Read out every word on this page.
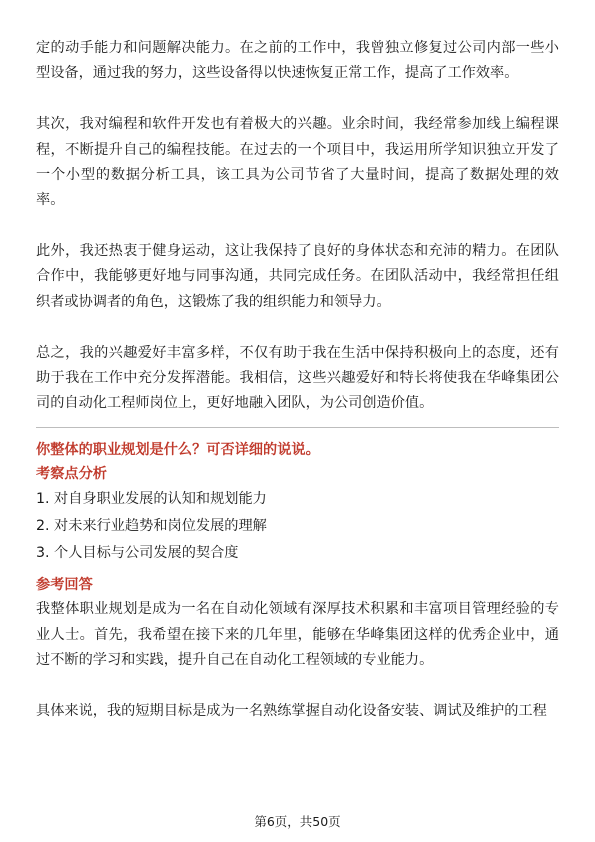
定的动手能力和问题解决能力。在之前的工作中，我曾独立修复过公司内部一些小型设备，通过我的努力，这些设备得以快速恢复正常工作，提高了工作效率。

其次，我对编程和软件开发也有着极大的兴趣。业余时间，我经常参加线上编程课程，不断提升自己的编程技能。在过去的一个项目中，我运用所学知识独立开发了一个小型的数据分析工具，该工具为公司节省了大量时间，提高了数据处理的效率。

此外，我还热衷于健身运动，这让我保持了良好的身体状态和充沛的精力。在团队合作中，我能够更好地与同事沟通，共同完成任务。在团队活动中，我经常担任组织者或协调者的角色，这锻炼了我的组织能力和领导力。

总之，我的兴趣爱好丰富多样，不仅有助于我在生活中保持积极向上的态度，还有助于我在工作中充分发挥潜能。我相信，这些兴趣爱好和特长将使我在华峰集团公司的自动化工程师岗位上，更好地融入团队，为公司创造价值。

你整体的职业规划是什么？可否详细的说说。

考察点分析

1. 对自身职业发展的认知和规划能力

2. 对未来行业趋势和岗位发展的理解

3. 个人目标与公司发展的契合度

参考回答

我整体职业规划是成为一名在自动化领域有深厚技术积累和丰富项目管理经验的专业人士。首先，我希望在接下来的几年里，能够在华峰集团这样的优秀企业中，通过不断的学习和实践，提升自己在自动化工程领域的专业能力。

具体来说，我的短期目标是成为一名熟练掌握自动化设备安装、调试及维护的工程

第6页，共50页
